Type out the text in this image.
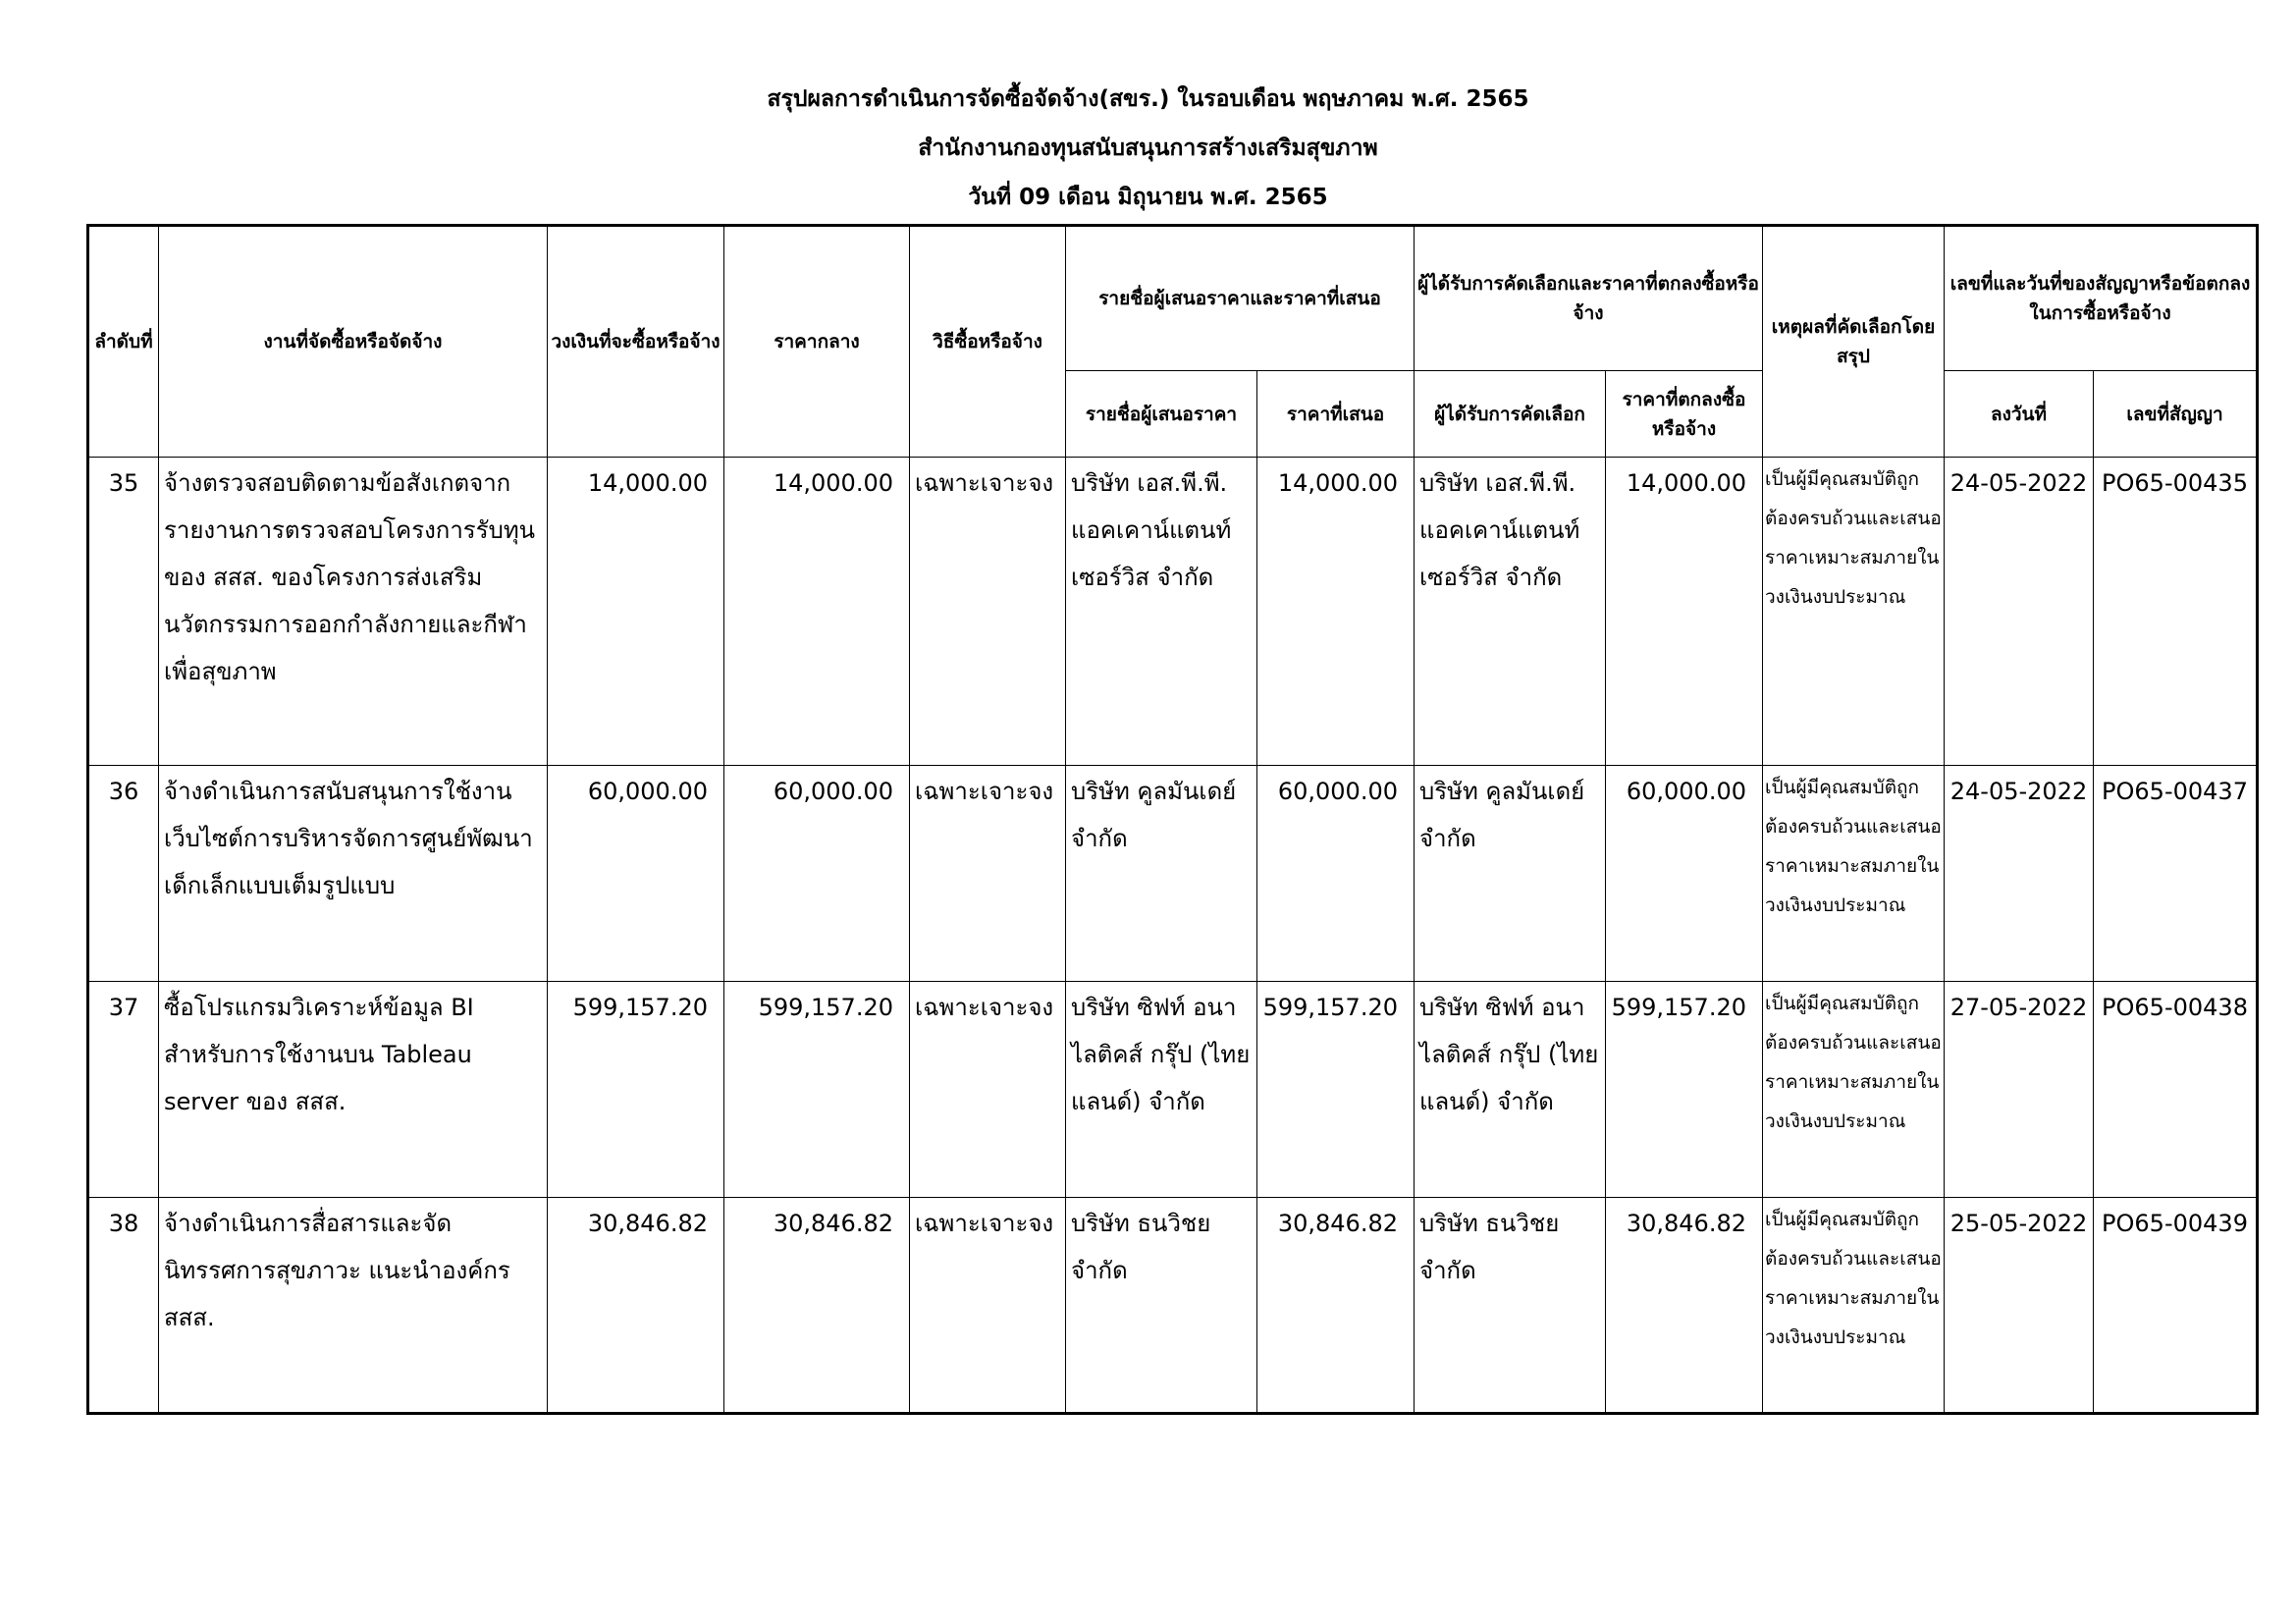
สรุปผลการดำเนินการจัดซื้อจัดจ้าง(สขร.) ในรอบเดือน พฤษภาคม พ.ศ. 2565
สำนักงานกองทุนสนับสนุนการสร้างเสริมสุขภาพ
วันที่ 09 เดือน มิถุนายน พ.ศ. 2565
ลำดับที่	งานที่จัดซื้อหรือจัดจ้าง	วงเงินที่จะซื้อหรือจ้าง	ราคากลาง	วิธีซื้อหรือจ้าง	รายชื่อผู้เสนอราคาและราคาที่เสนอ		ผู้ได้รับการคัดเลือกและราคาที่ตกลงซื้อหรือจ้าง		เหตุผลที่คัดเลือกโดยสรุป	เลขที่และวันที่ของสัญญาหรือข้อตกลงในการซื้อหรือจ้าง	
					รายชื่อผู้เสนอราคา	ราคาที่เสนอ	ผู้ได้รับการคัดเลือก	ราคาที่ตกลงซื้อหรือจ้าง		ลงวันที่	เลขที่สัญญา
35	จ้างตรวจสอบติดตามข้อสังเกตจากรายงานการตรวจสอบโครงการรับทุนของ สสส. ของโครงการส่งเสริมนวัตกรรมการออกกำลังกายและกีฬาเพื่อสุขภาพ	14,000.00	14,000.00	เฉพาะเจาะจง	บริษัท เอส.พี.พี. แอคเคาน์แตนท์ เซอร์วิส จำกัด	14,000.00	บริษัท เอส.พี.พี. แอคเคาน์แตนท์ เซอร์วิส จำกัด	14,000.00	เป็นผู้มีคุณสมบัติถูกต้องครบถ้วนและเสนอราคาเหมาะสมภายในวงเงินงบประมาณ	24-05-2022	PO65-00435
36	จ้างดำเนินการสนับสนุนการใช้งานเว็บไซต์การบริหารจัดการศูนย์พัฒนาเด็กเล็กแบบเต็มรูปแบบ	60,000.00	60,000.00	เฉพาะเจาะจง	บริษัท คูลมันเดย์ จำกัด	60,000.00	บริษัท คูลมันเดย์ จำกัด	60,000.00	เป็นผู้มีคุณสมบัติถูกต้องครบถ้วนและเสนอราคาเหมาะสมภายในวงเงินงบประมาณ	24-05-2022	PO65-00437
37	ซื้อโปรแกรมวิเคราะห์ข้อมูล BI สำหรับการใช้งานบน Tableau server ของ สสส.	599,157.20	599,157.20	เฉพาะเจาะจง	บริษัท ซิฟท์ อนาไลติคส์ กรุ๊ป (ไทยแลนด์) จำกัด	599,157.20	บริษัท ซิฟท์ อนาไลติคส์ กรุ๊ป (ไทยแลนด์) จำกัด	599,157.20	เป็นผู้มีคุณสมบัติถูกต้องครบถ้วนและเสนอราคาเหมาะสมภายในวงเงินงบประมาณ	27-05-2022	PO65-00438
38	จ้างดำเนินการสื่อสารและจัดนิทรรศการสุขภาวะ แนะนำองค์กร สสส.	30,846.82	30,846.82	เฉพาะเจาะจง	บริษัท ธนวิชย จำกัด	30,846.82	บริษัท ธนวิชย จำกัด	30,846.82	เป็นผู้มีคุณสมบัติถูกต้องครบถ้วนและเสนอราคาเหมาะสมภายในวงเงินงบประมาณ	25-05-2022	PO65-00439
